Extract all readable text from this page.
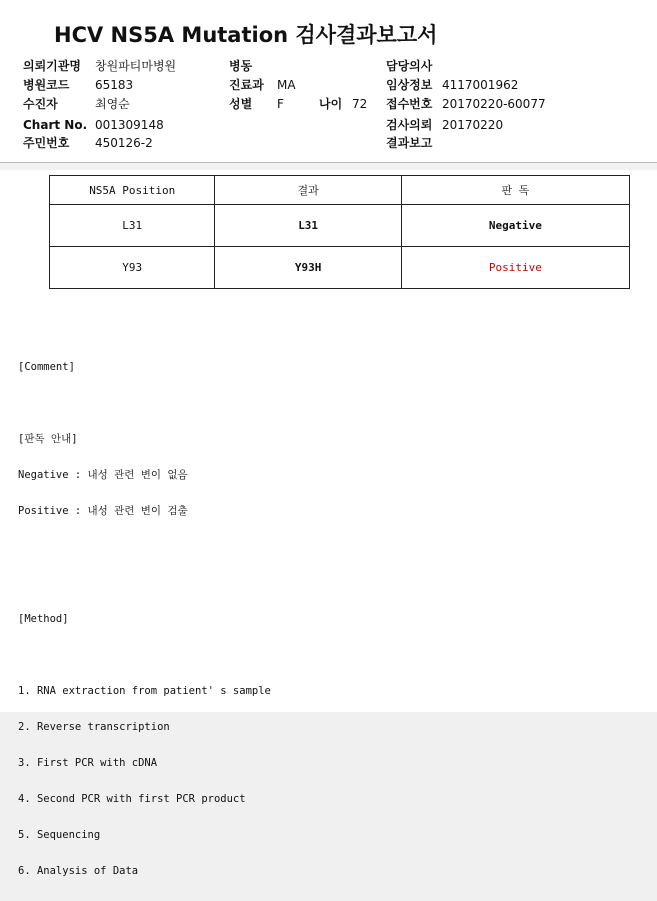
HCV NS5A Mutation 검사결과보고서
의뢰기관명 창원파티마병원
병원코드 65183
수진자	최영순
Chart No. 001309148
주민번호 450126-2
병동
진료과 MA
성별 F	나이 72
담당의사
임상정보 4117001962
접수번호 20170220-60077
검사의뢰 20170220
결과보고
NS5A Position	결과	판 독
L31	L31	Negative
Y93	Y93H	Positive

[Comment]

[판독 안내]

Negative : 내성 관련 변이 없음

Positive : 내성 관련 변이 검출

[Method]

1. RNA extraction from patient' s sample

2. Reverse transcription

3. First PCR with cDNA

4. Second PCR with first PCR product

5. Sequencing

6. Analysis of Data
